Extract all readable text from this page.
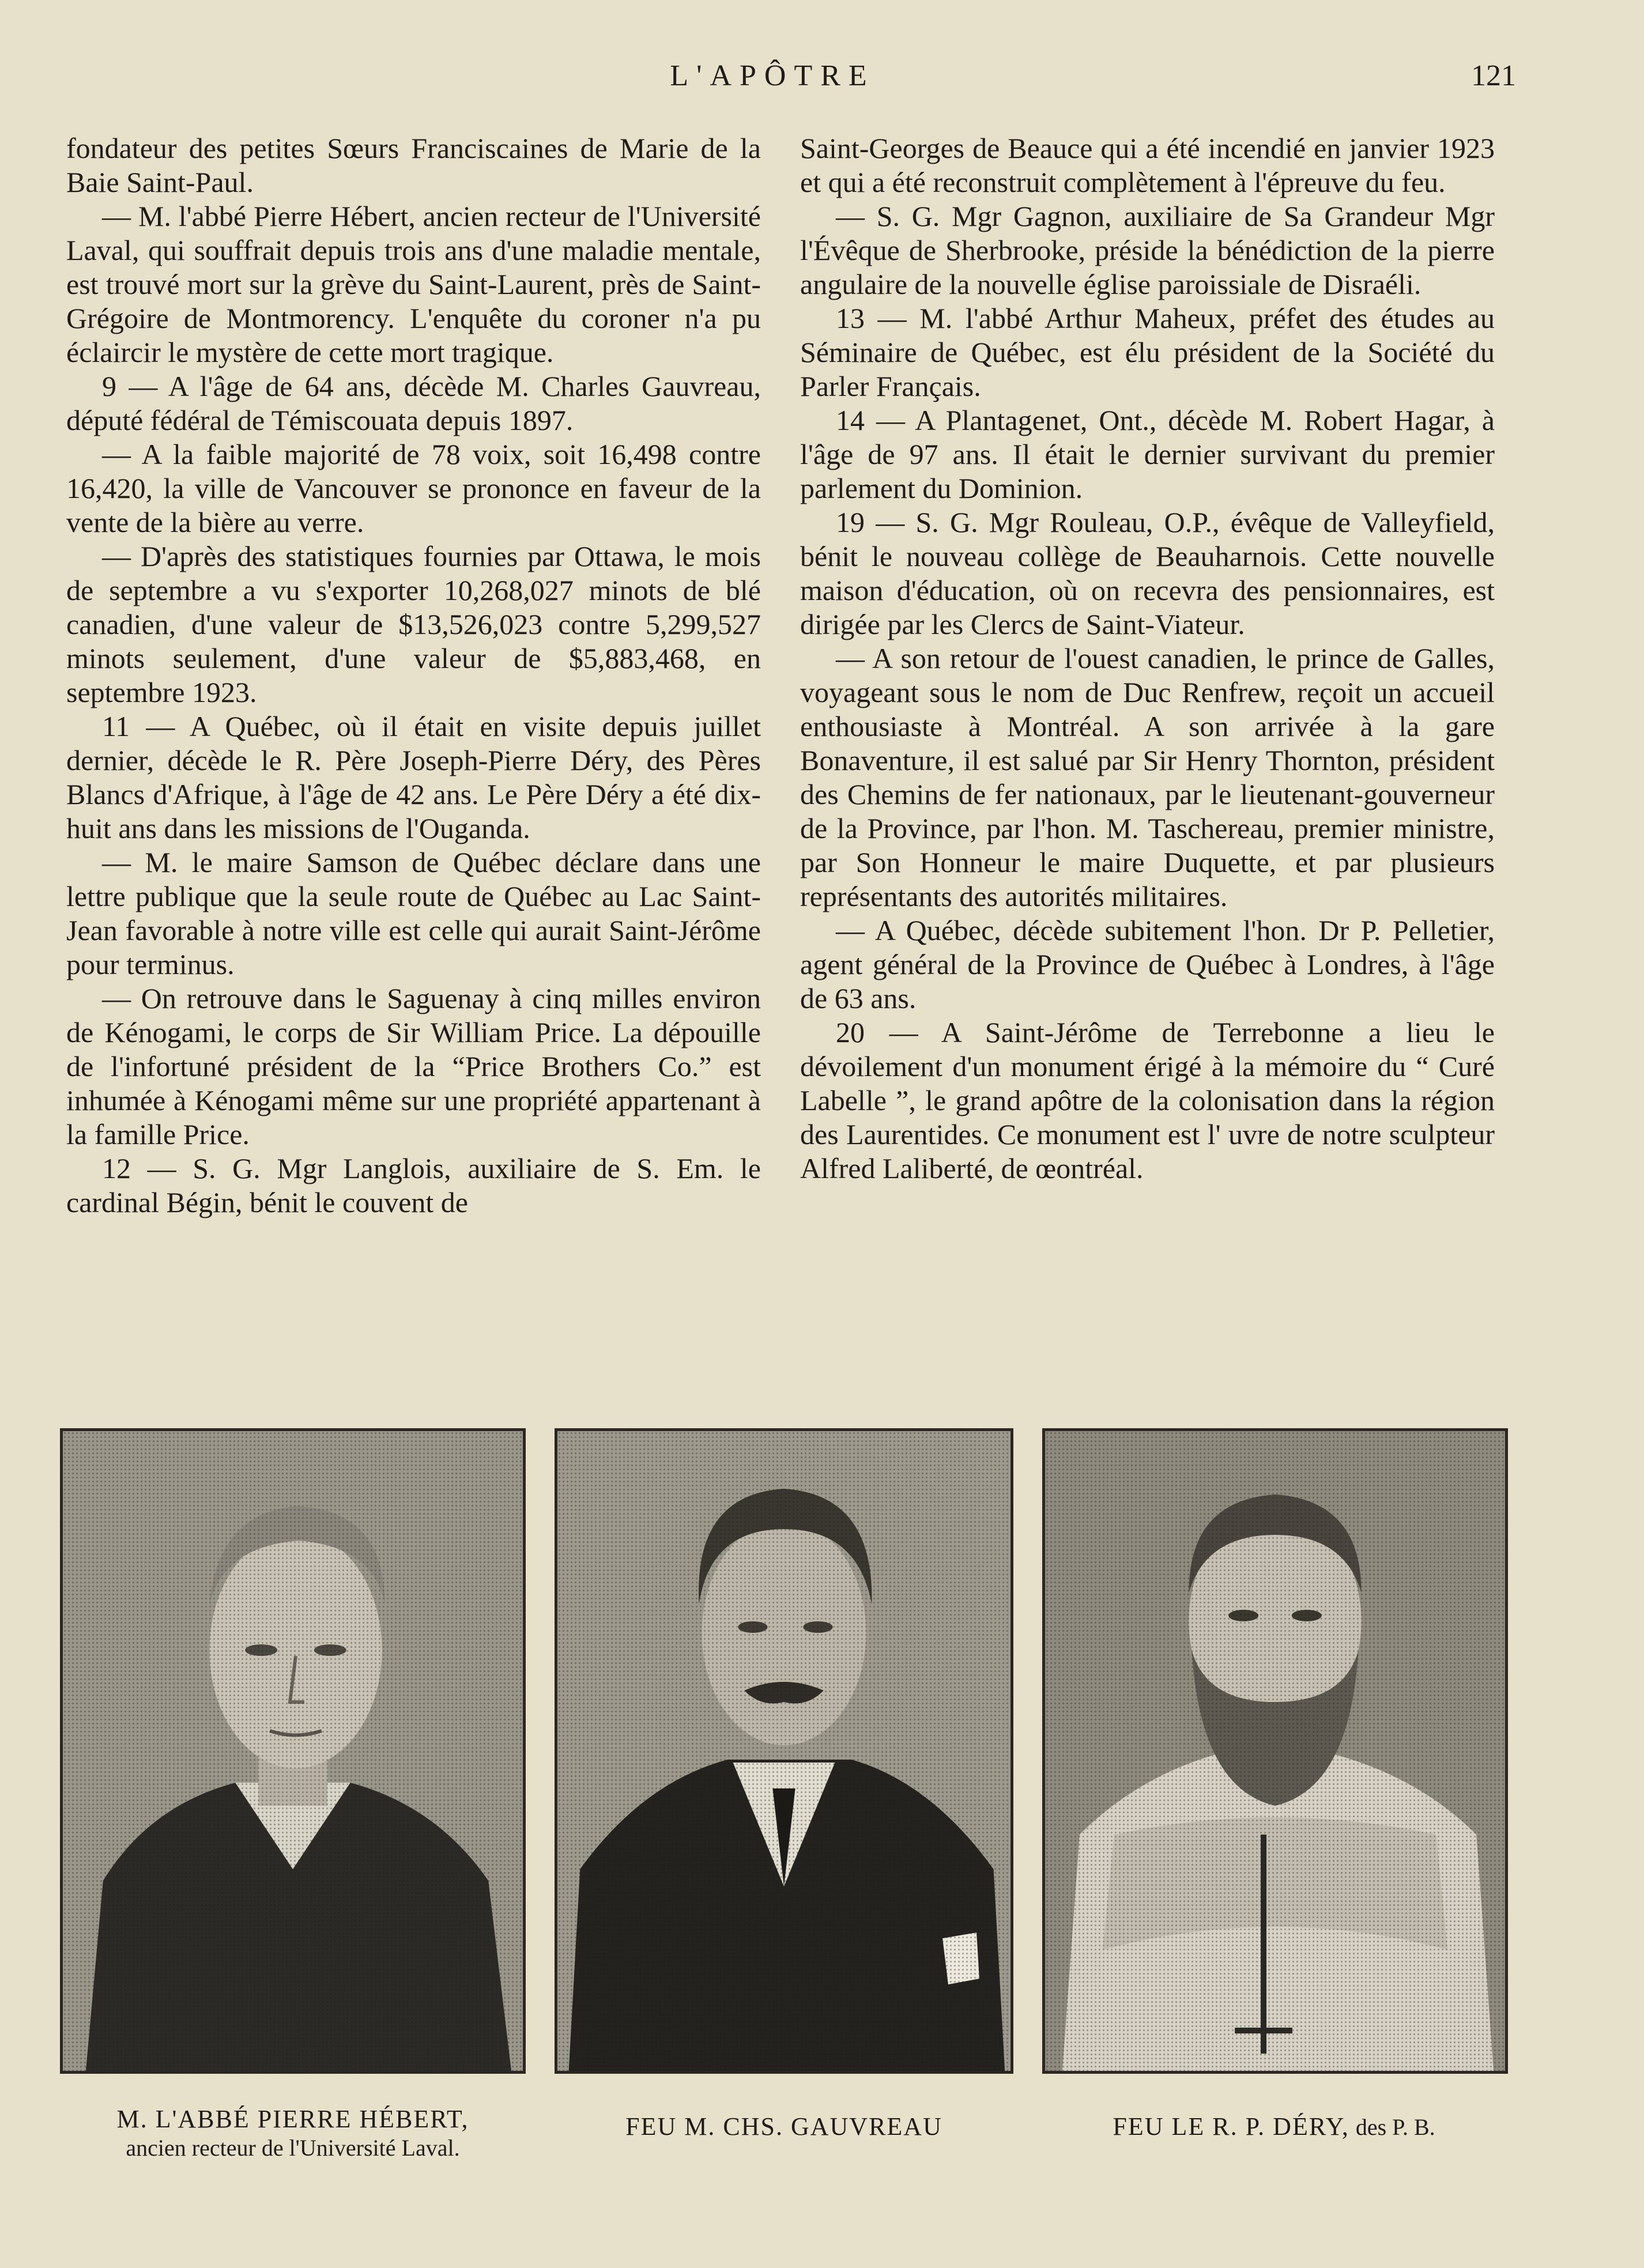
L'APÔTRE	121

fondateur des petites Sœurs Franciscaines de Marie de la Baie Saint-Paul.

— M. l'abbé Pierre Hébert, ancien recteur de l'Université Laval, qui souffrait depuis trois ans d'une maladie mentale, est trouvé mort sur la grève du Saint-Laurent, près de Saint-Grégoire de Montmorency. L'enquête du coroner n'a pu éclaircir le mystère de cette mort tragique.

9 — A l'âge de 64 ans, décède M. Charles Gauvreau, député fédéral de Témiscouata depuis 1897.

— A la faible majorité de 78 voix, soit 16,498 contre 16,420, la ville de Vancouver se prononce en faveur de la vente de la bière au verre.

— D'après des statistiques fournies par Ottawa, le mois de septembre a vu s'exporter 10,268,027 minots de blé canadien, d'une valeur de $13,526,023 contre 5,299,527 minots seulement, d'une valeur de $5,883,468, en septembre 1923.

11 — A Québec, où il était en visite depuis juillet dernier, décède le R. Père Joseph-Pierre Déry, des Pères Blancs d'Afrique, à l'âge de 42 ans. Le Père Déry a été dix-huit ans dans les missions de l'Ouganda.

— M. le maire Samson de Québec déclare dans une lettre publique que la seule route de Québec au Lac Saint-Jean favorable à notre ville est celle qui aurait Saint-Jérôme pour terminus.

— On retrouve dans le Saguenay à cinq milles environ de Kénogami, le corps de Sir William Price. La dépouille de l'infortuné président de la “Price Brothers Co.” est inhumée à Kénogami même sur une propriété appartenant à la famille Price.

12 — S. G. Mgr Langlois, auxiliaire de S. Em. le cardinal Bégin, bénit le couvent de

Saint-Georges de Beauce qui a été incendié en janvier 1923 et qui a été reconstruit complètement à l'épreuve du feu.

— S. G. Mgr Gagnon, auxiliaire de Sa Grandeur Mgr l'Évêque de Sherbrooke, préside la bénédiction de la pierre angulaire de la nouvelle église paroissiale de Disraéli.

13 — M. l'abbé Arthur Maheux, préfet des études au Séminaire de Québec, est élu président de la Société du Parler Français.

14 — A Plantagenet, Ont., décède M. Robert Hagar, à l'âge de 97 ans. Il était le dernier survivant du premier parlement du Dominion.

19 — S. G. Mgr Rouleau, O.P., évêque de Valleyfield, bénit le nouveau collège de Beauharnois. Cette nouvelle maison d'éducation, où on recevra des pensionnaires, est dirigée par les Clercs de Saint-Viateur.

— A son retour de l'ouest canadien, le prince de Galles, voyageant sous le nom de Duc Renfrew, reçoit un accueil enthousiaste à Montréal. A son arrivée à la gare Bonaventure, il est salué par Sir Henry Thornton, président des Chemins de fer nationaux, par le lieutenant-gouverneur de la Province, par l'hon. M. Taschereau, premier ministre, par Son Honneur le maire Duquette, et par plusieurs représentants des autorités militaires.

— A Québec, décède subitement l'hon. Dr P. Pelletier, agent général de la Province de Québec à Londres, à l'âge de 63 ans.

20 — A Saint-Jérôme de Terrebonne a lieu le dévoilement d'un monument érigé à la mémoire du “ Curé Labelle ”, le grand apôtre de la colonisation dans la région des Laurentides. Ce monument est l' uvre de notre sculpteur Alfred Laliberté, de œontréal.

M. L'ABBÉ PIERRE HÉBERT,
ancien recteur de l'Université Laval.
FEU M. CHS. GAUVREAU	FEU LE R. P. DÉRY, des P. B.
